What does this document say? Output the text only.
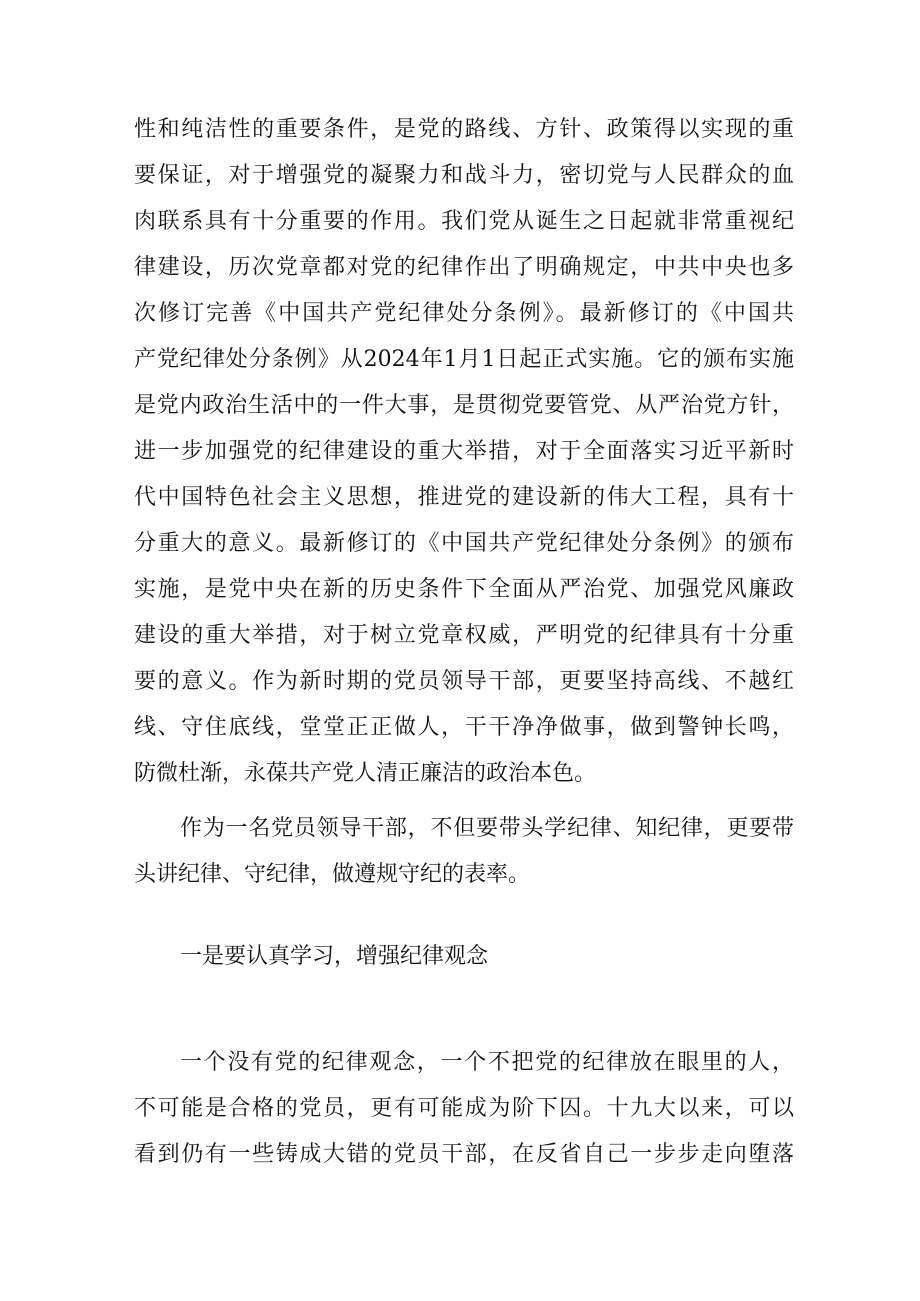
性和纯洁性的重要条件，是党的路线、方针、政策得以实现的重
要保证，对于增强党的凝聚力和战斗力，密切党与人民群众的血
肉联系具有十分重要的作用。我们党从诞生之日起就非常重视纪
律建设，历次党章都对党的纪律作出了明确规定，中共中央也多
次修订完善《中国共产党纪律处分条例》。最新修订的《中国共
产党纪律处分条例》从2024年1月1日起正式实施。它的颁布实施
是党内政治生活中的一件大事，是贯彻党要管党、从严治党方针，
进一步加强党的纪律建设的重大举措，对于全面落实习近平新时
代中国特色社会主义思想，推进党的建设新的伟大工程，具有十
分重大的意义。最新修订的《中国共产党纪律处分条例》的颁布
实施，是党中央在新的历史条件下全面从严治党、加强党风廉政
建设的重大举措，对于树立党章权威，严明党的纪律具有十分重
要的意义。作为新时期的党员领导干部，更要坚持高线、不越红
线、守住底线，堂堂正正做人，干干净净做事，做到警钟长鸣，
防微杜渐，永葆共产党人清正廉洁的政治本色。
作为一名党员领导干部，不但要带头学纪律、知纪律，更要带
头讲纪律、守纪律，做遵规守纪的表率。
一是要认真学习，增强纪律观念
一个没有党的纪律观念，一个不把党的纪律放在眼里的人，
不可能是合格的党员，更有可能成为阶下囚。十九大以来，可以
看到仍有一些铸成大错的党员干部，在反省自己一步步走向堕落
